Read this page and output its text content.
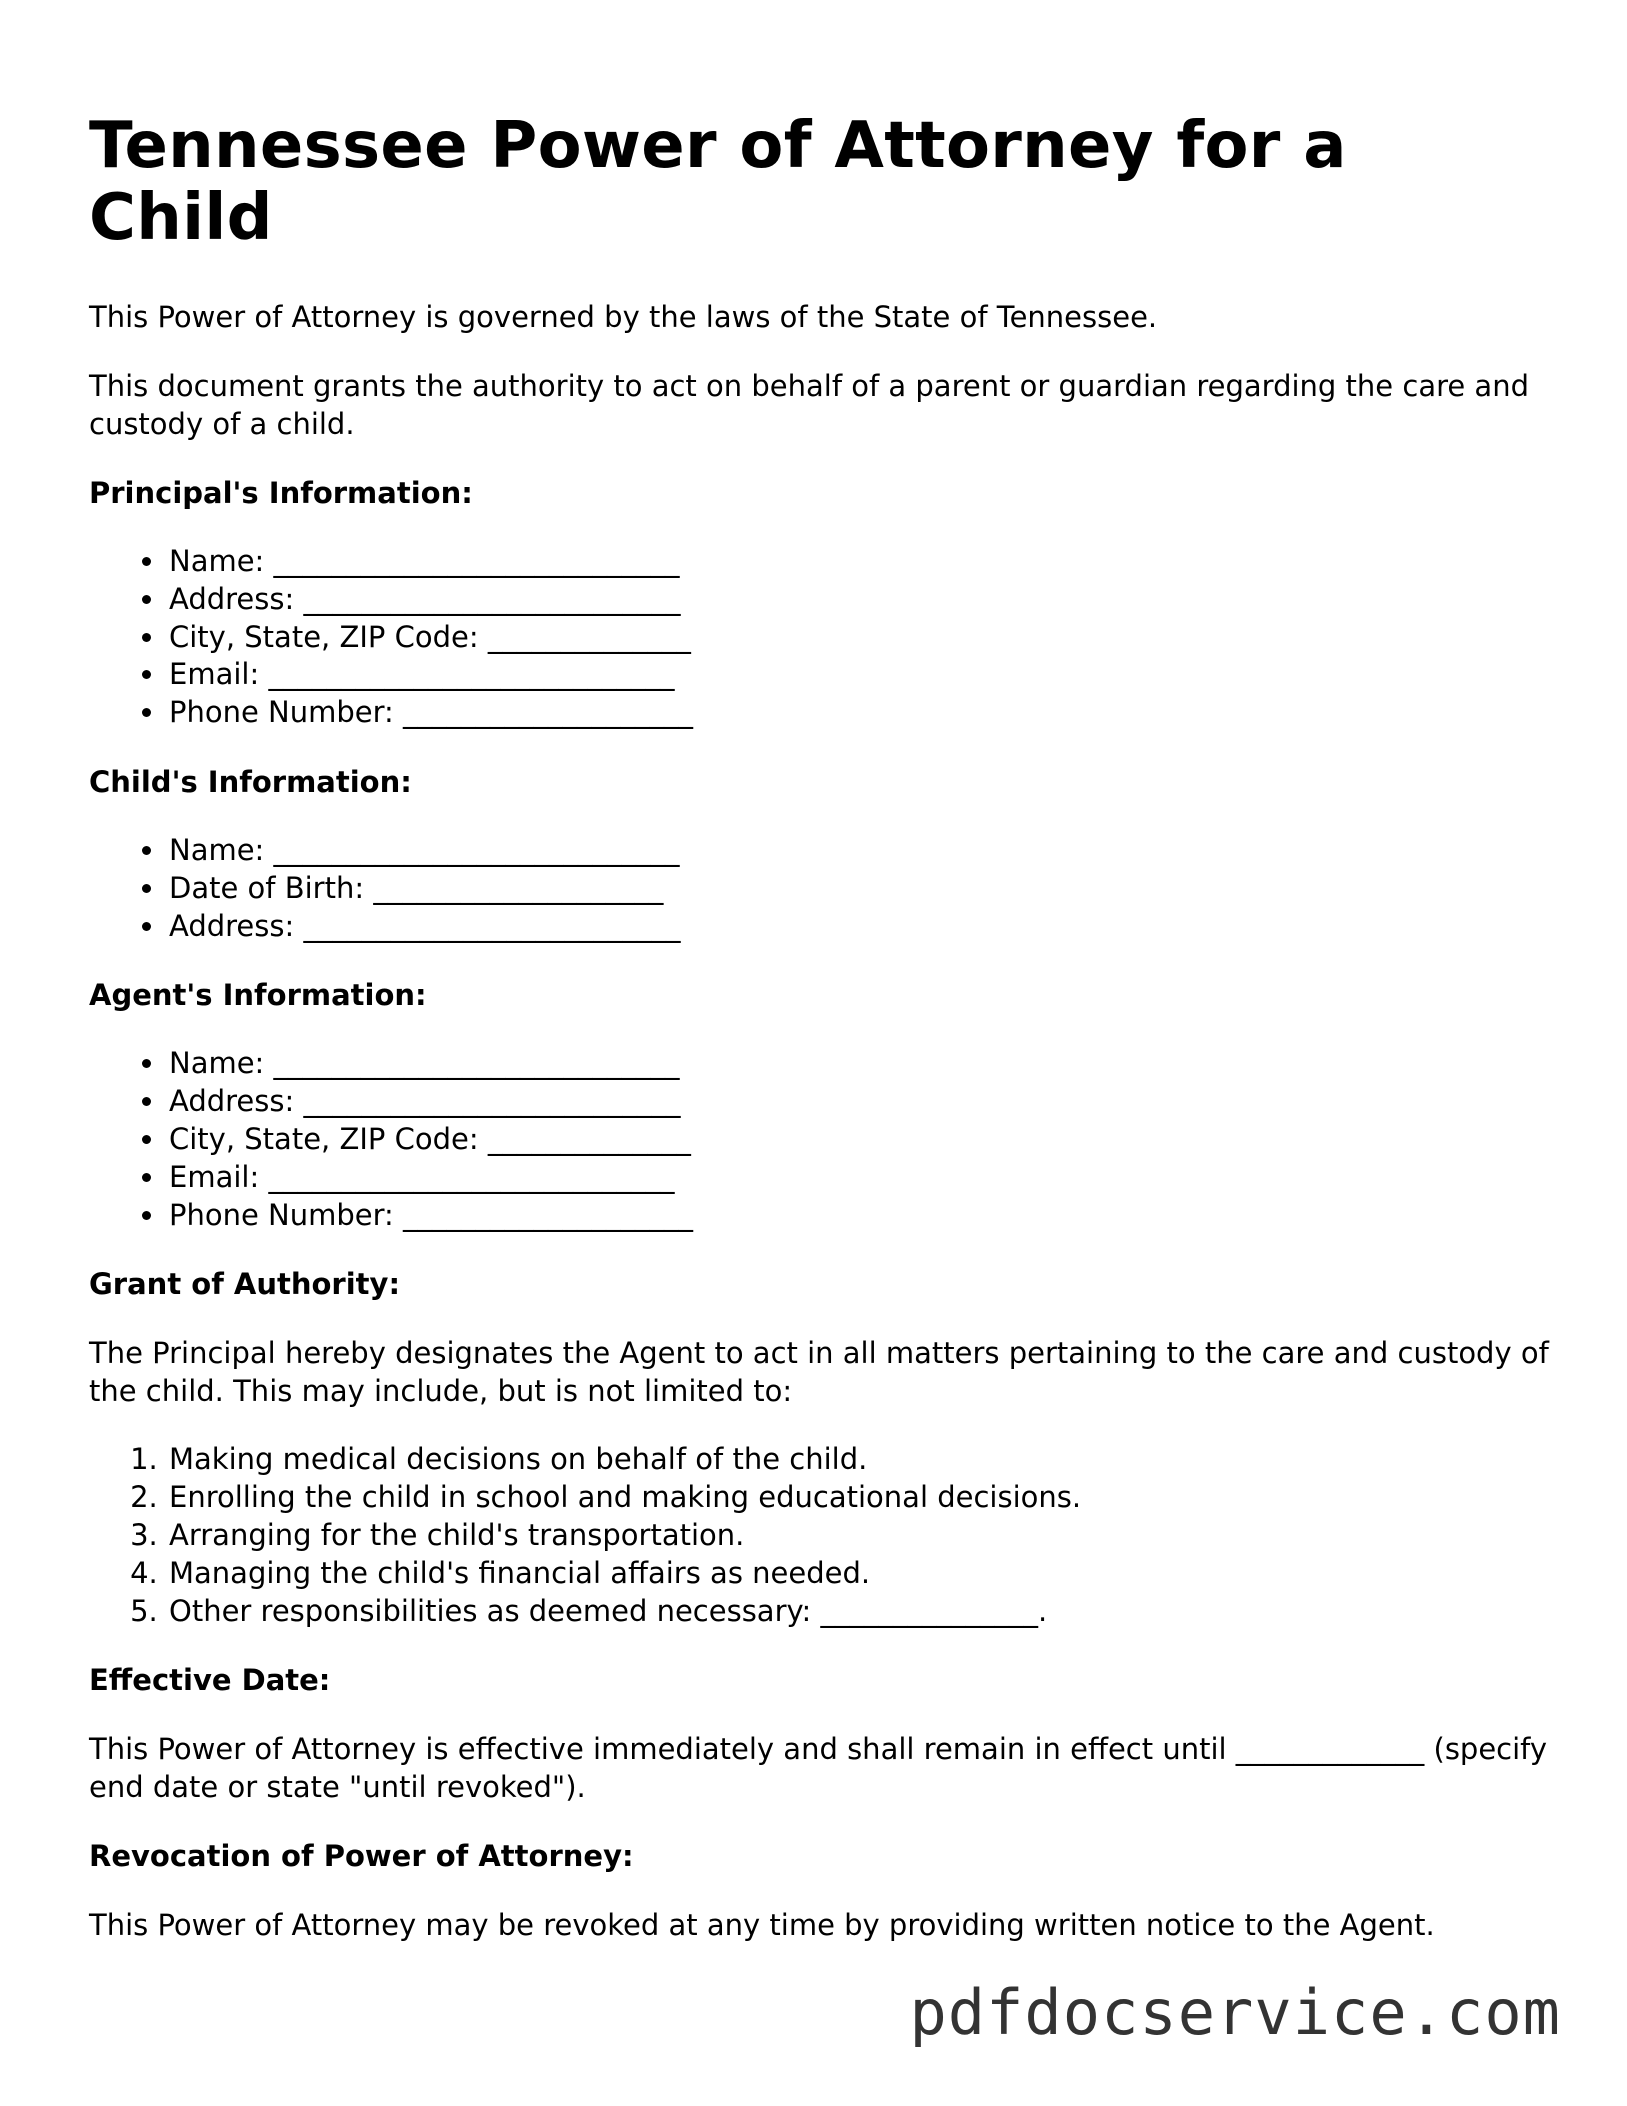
Tennessee Power of Attorney for a Child

This Power of Attorney is governed by the laws of the State of Tennessee.

This document grants the authority to act on behalf of a parent or guardian regarding the care and custody of a child.

Principal's Information:
• Name: ____________________________
• Address: __________________________
• City, State, ZIP Code: ______________
• Email: ____________________________
• Phone Number: ____________________
Child's Information:
• Name: ____________________________
• Date of Birth: ____________________
• Address: __________________________
Agent's Information:
• Name: ____________________________
• Address: __________________________
• City, State, ZIP Code: ______________
• Email: ____________________________
• Phone Number: ____________________
Grant of Authority:

The Principal hereby designates the Agent to act in all matters pertaining to the care and custody of the child. This may include, but is not limited to:

1. Making medical decisions on behalf of the child.
2. Enrolling the child in school and making educational decisions.
3. Arranging for the child's transportation.
4. Managing the child's financial affairs as needed.
5. Other responsibilities as deemed necessary: _______________.
Effective Date:

This Power of Attorney is effective immediately and shall remain in effect until _____________ (specify end date or state "until revoked").

Revocation of Power of Attorney:

This Power of Attorney may be revoked at any time by providing written notice to the Agent.

pdfdocservice.com
